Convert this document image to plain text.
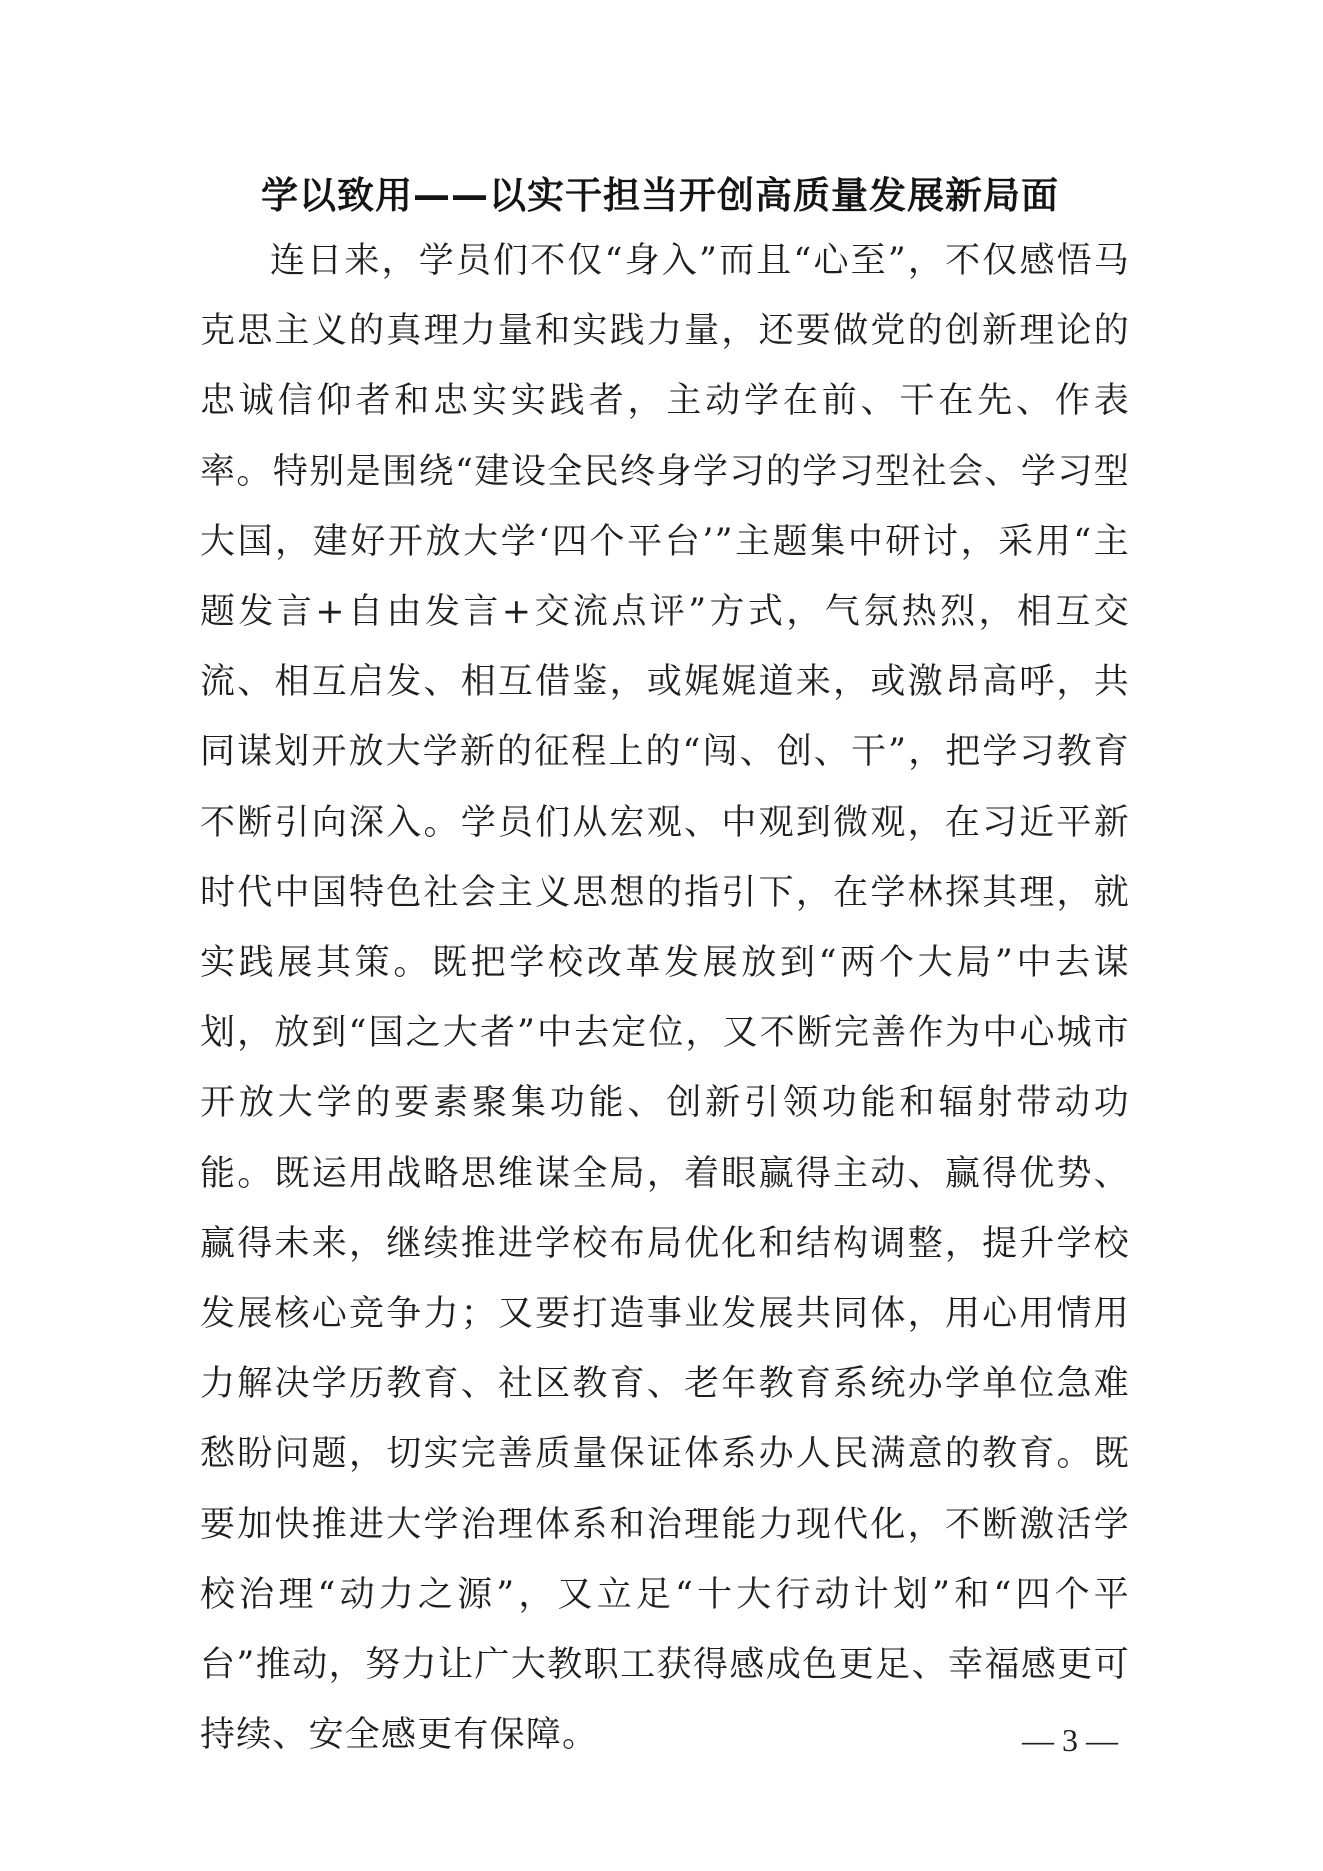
学以致用——以实干担当开创高质量发展新局面

连日来，学员们不仅“身入”而且“心至”，不仅感悟马克思主义的真理力量和实践力量，还要做党的创新理论的忠诚信仰者和忠实实践者，主动学在前、干在先、作表率。特别是围绕“建设全民终身学习的学习型社会、学习型大国，建好开放大学‘四个平台’”主题集中研讨，采用“主题发言+自由发言+交流点评”方式，气氛热烈，相互交流、相互启发、相互借鉴，或娓娓道来，或激昂高呼，共同谋划开放大学新的征程上的“闯、创、干”，把学习教育不断引向深入。学员们从宏观、中观到微观，在习近平新时代中国特色社会主义思想的指引下，在学林探其理，就实践展其策。既把学校改革发展放到“两个大局”中去谋划，放到“国之大者”中去定位，又不断完善作为中心城市开放大学的要素聚集功能、创新引领功能和辐射带动功能。既运用战略思维谋全局，着眼赢得主动、赢得优势、赢得未来，继续推进学校布局优化和结构调整，提升学校发展核心竞争力；又要打造事业发展共同体，用心用情用力解决学历教育、社区教育、老年教育系统办学单位急难愁盼问题，切实完善质量保证体系办人民满意的教育。既要加快推进大学治理体系和治理能力现代化，不断激活学校治理“动力之源”，又立足“十大行动计划”和“四个平台”推动，努力让广大教职工获得感成色更足、幸福感更可持续、安全感更有保障。	— 3 —
